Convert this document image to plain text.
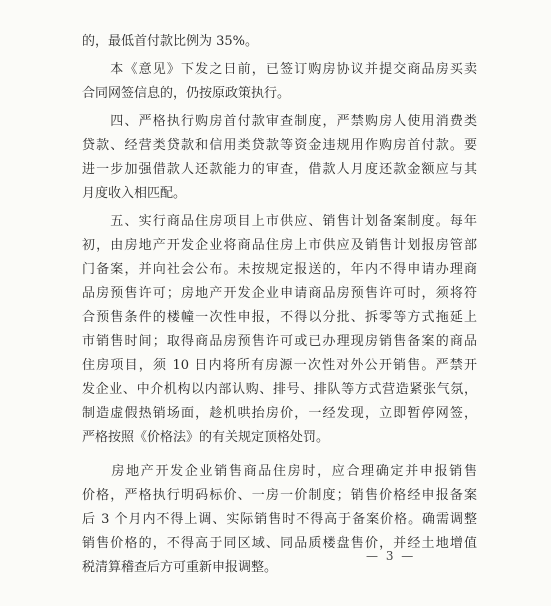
的，最低首付款比例为 35%。
　　本《意见》下发之日前，已签订购房协议并提交商品房买卖
合同网签信息的，仍按原政策执行。
　　四、严格执行购房首付款审查制度，严禁购房人使用消费类
贷款、经营类贷款和信用类贷款等资金违规用作购房首付款。要
进一步加强借款人还款能力的审查，借款人月度还款金额应与其
月度收入相匹配。
　　五、实行商品住房项目上市供应、销售计划备案制度。每年
初，由房地产开发企业将商品住房上市供应及销售计划报房管部
门备案，并向社会公布。未按规定报送的，年内不得申请办理商
品房预售许可；房地产开发企业申请商品房预售许可时，须将符
合预售条件的楼幢一次性申报，不得以分批、拆零等方式拖延上
市销售时间；取得商品房预售许可或已办理现房销售备案的商品
住房项目，须 10 日内将所有房源一次性对外公开销售。严禁开
发企业、中介机构以内部认购、排号、排队等方式营造紧张气氛，
制造虚假热销场面，趁机哄抬房价，一经发现，立即暂停网签，
严格按照《价格法》的有关规定顶格处罚。
　　房地产开发企业销售商品住房时，应合理确定并申报销售
价格，严格执行明码标价、一房一价制度；销售价格经申报备案
后 3 个月内不得上调、实际销售时不得高于备案价格。确需调整
销售价格的，不得高于同区域、同品质楼盘售价，并经土地增值
税清算稽查后方可重新申报调整。
— 3 —
